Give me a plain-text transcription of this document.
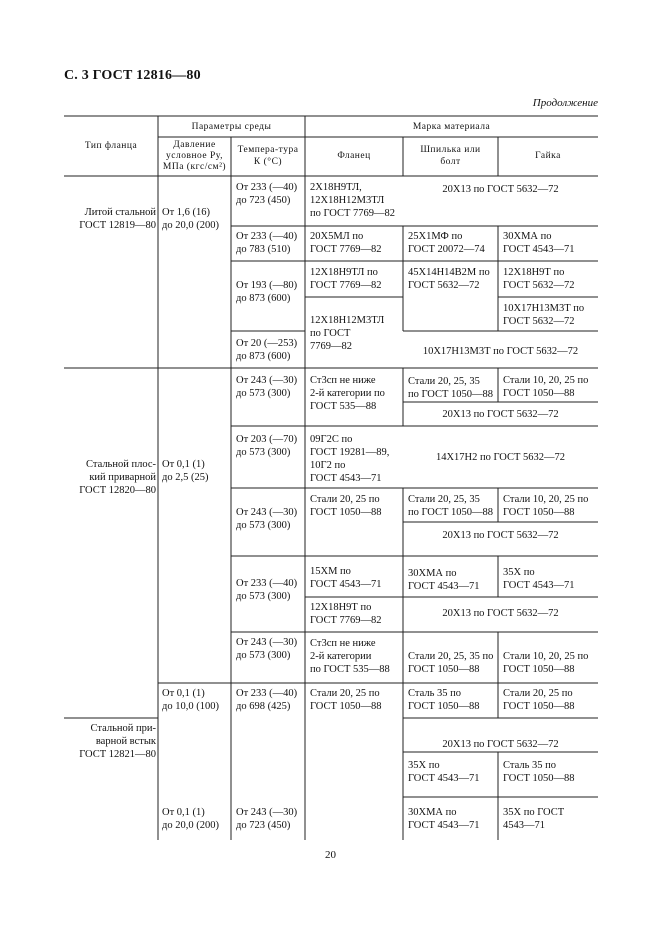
С. 3 ГОСТ 12816—80
Продолжение
Тип фланца
Параметры среды
Давление
условное Pу,
МПа (кгс/см²)
Темпера-тура
К (°С)
Марка материала
Фланец
Шпилька или
болт
Гайка
Литой стальной
ГОСТ 12819—80
Стальной плос-
кий приварной
ГОСТ 12820—80
Стальной при-
варной встык
ГОСТ 12821—80
От 1,6 (16)
до 20,0 (200)
От 0,1 (1)
до 2,5 (25)
От 0,1 (1)
до 10,0 (100)
От 0,1 (1)
до 20,0 (200)
От 233 (—40)
до 723 (450)
От 233 (—40)
до 783 (510)
От 193 (—80)
до 873 (600)
От 20 (—253)
до 873 (600)
От 243 (—30)
до 573 (300)
От 203 (—70)
до 573 (300)
От 243 (—30)
до 573 (300)
От 233 (—40)
до 573 (300)
От 243 (—30)
до 573 (300)
От 233 (—40)
до 698 (425)
От 243 (—30)
до 723 (450)
2Х18Н9ТЛ,
12Х18Н12М3ТЛ
по ГОСТ 7769—82
20Х5МЛ по
ГОСТ 7769—82
12Х18Н9ТЛ по
ГОСТ 7769—82
12Х18Н12М3ТЛ
по ГОСТ
7769—82
Ст3сп не ниже
2-й категории по
ГОСТ 535—88
09Г2С по
ГОСТ 19281—89,
10Г2 по
ГОСТ 4543—71
Стали 20, 25 по
ГОСТ 1050—88
15ХМ по
ГОСТ 4543—71
12Х18Н9Т по
ГОСТ 7769—82
Ст3сп не ниже
2-й категории
по ГОСТ 535—88
Стали 20, 25 по
ГОСТ 1050—88
25Х1МФ по
ГОСТ 20072—74
45Х14Н14В2М по
ГОСТ 5632—72
Стали 20, 25, 35
по ГОСТ 1050—88
Стали 20, 25, 35
по ГОСТ 1050—88
30ХМА по
ГОСТ 4543—71
Стали 20, 25, 35 по
ГОСТ 1050—88
Сталь 35 по
ГОСТ 1050—88
35Х по
ГОСТ 4543—71
30ХМА по
ГОСТ 4543—71
30ХМА по
ГОСТ 4543—71
12Х18Н9Т по
ГОСТ 5632—72
10Х17Н13М3Т по
ГОСТ 5632—72
Стали 10, 20, 25 по
ГОСТ 1050—88
Стали 10, 20, 25 по
ГОСТ 1050—88
35Х по
ГОСТ 4543—71
Стали 10, 20, 25 по
ГОСТ 1050—88
Стали 20, 25 по
ГОСТ 1050—88
Сталь 35 по
ГОСТ 1050—88
35Х по ГОСТ
4543—71
20Х13 по ГОСТ 5632—72
10Х17Н13М3Т по ГОСТ 5632—72
20Х13 по ГОСТ 5632—72
14Х17Н2 по ГОСТ 5632—72
20Х13 по ГОСТ 5632—72
20Х13 по ГОСТ 5632—72
20Х13 по ГОСТ 5632—72
20
